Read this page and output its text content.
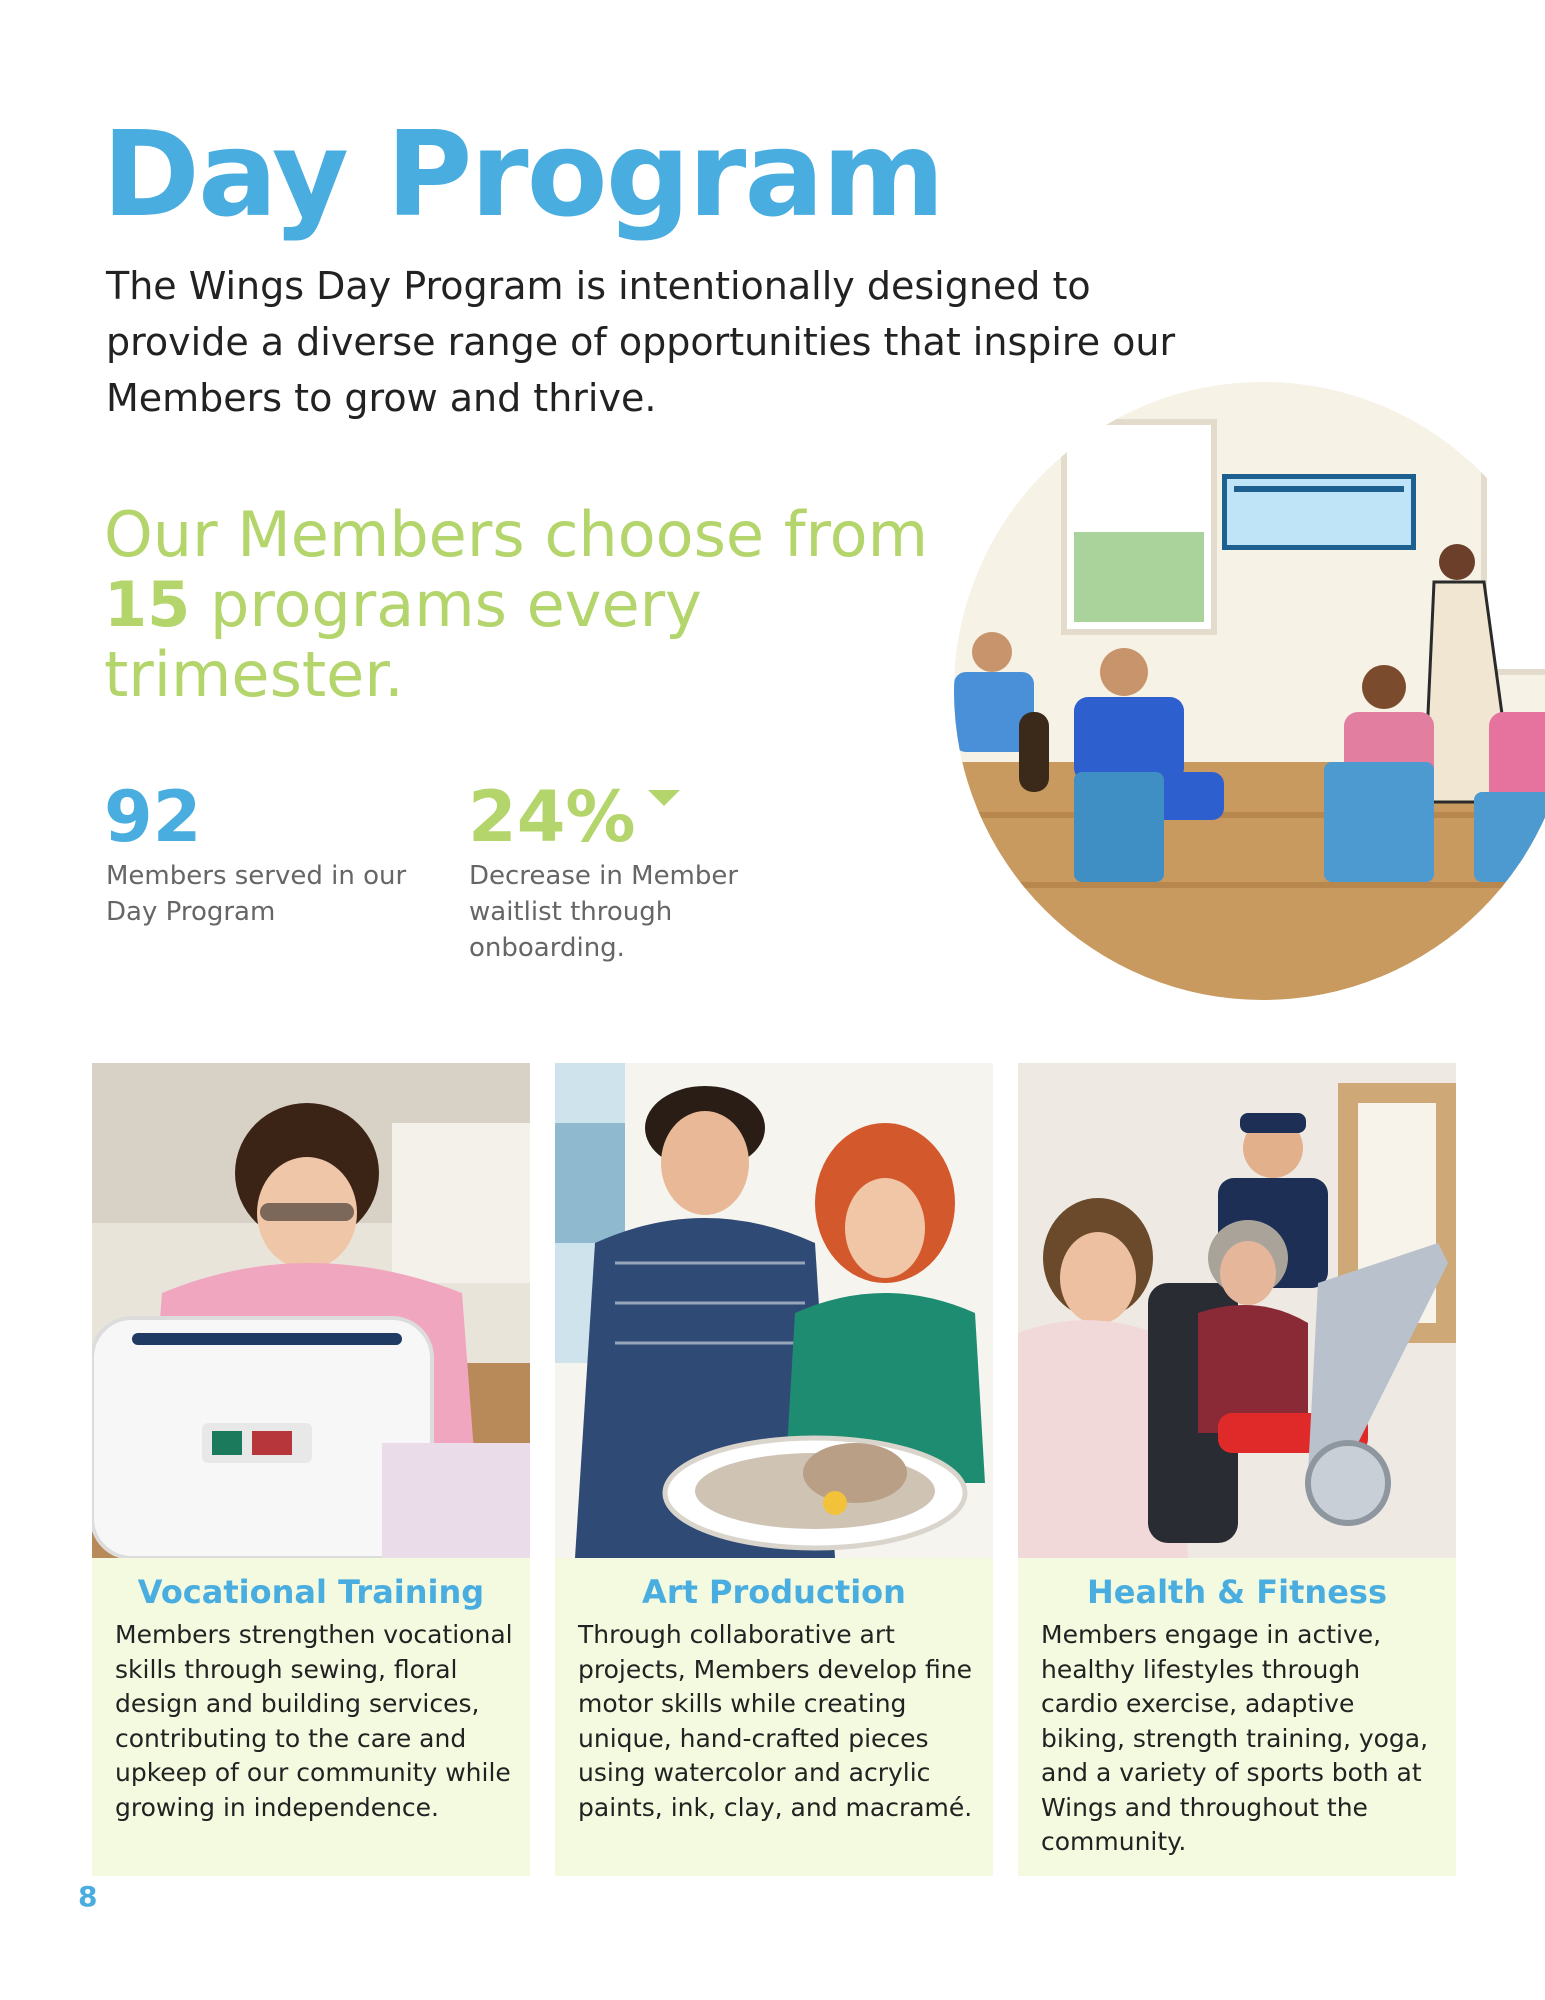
Day Program

The Wings Day Program is intentionally designed to provide a diverse range of opportunities that inspire our Members to grow and thrive.

Our Members choose from 15 programs every trimester.

92
Members served in our Day Program
24%
Decrease in Member waitlist through onboarding.
Vocational Training

Members strengthen vocational skills through sewing, floral design and building services, contributing to the care and upkeep of our community while growing in independence.

Art Production

Through collaborative art projects, Members develop fine motor skills while creating unique, hand-crafted pieces using watercolor and acrylic paints, ink, clay, and macramé.

Health & Fitness

Members engage in active, healthy lifestyles through cardio exercise, adaptive biking, strength training, yoga, and a variety of sports both at Wings and throughout the community.

8
